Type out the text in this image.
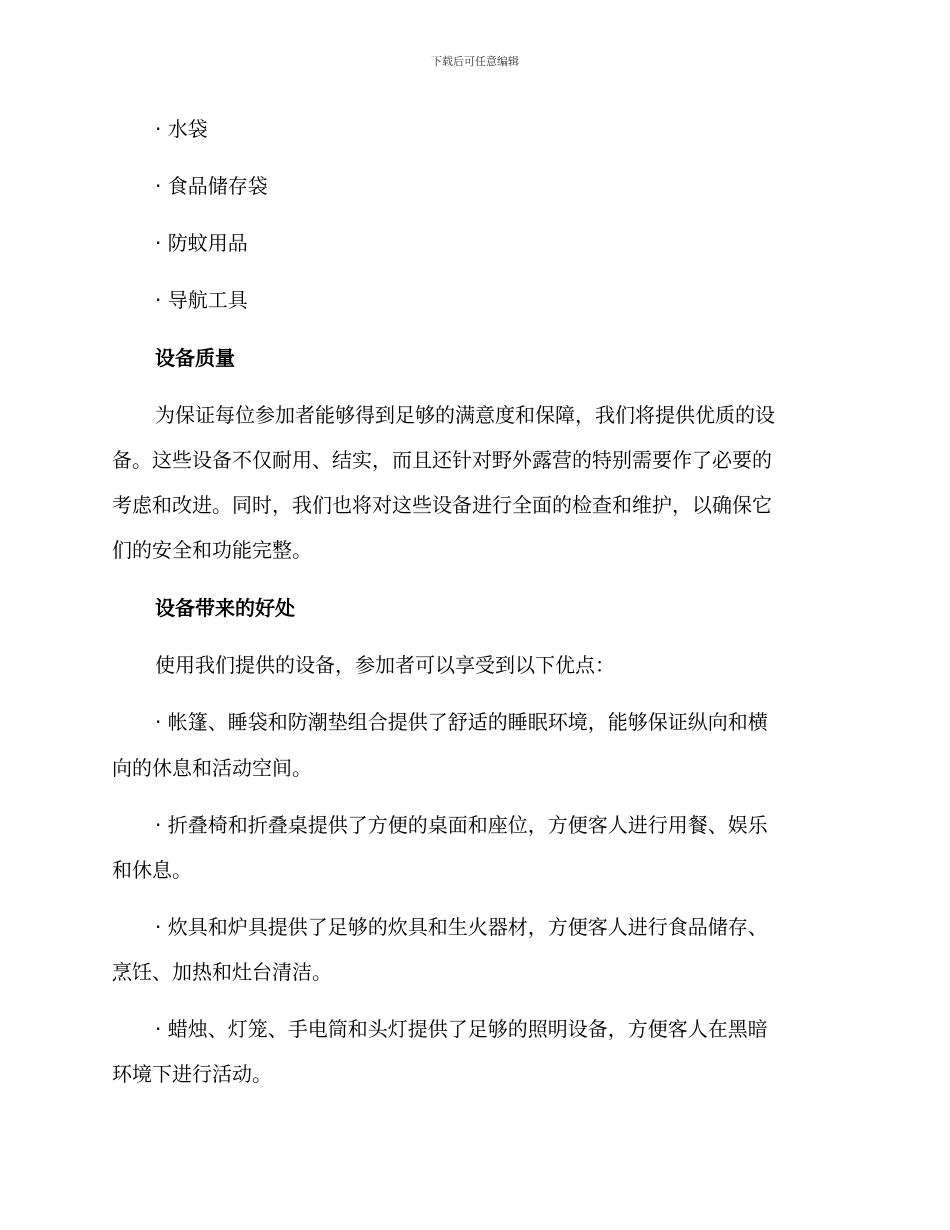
下载后可任意编辑
· 水袋
· 食品储存袋
· 防蚊用品
· 导航工具
设备质量
为保证每位参加者能够得到足够的满意度和保障，我们将提供优质的设
备。这些设备不仅耐用、结实，而且还针对野外露营的特别需要作了必要的
考虑和改进。同时，我们也将对这些设备进行全面的检查和维护，以确保它
们的安全和功能完整。
设备带来的好处
使用我们提供的设备，参加者可以享受到以下优点：
· 帐篷、睡袋和防潮垫组合提供了舒适的睡眠环境，能够保证纵向和横
向的休息和活动空间。
· 折叠椅和折叠桌提供了方便的桌面和座位，方便客人进行用餐、娱乐
和休息。
· 炊具和炉具提供了足够的炊具和生火器材，方便客人进行食品储存、
烹饪、加热和灶台清洁。
· 蜡烛、灯笼、手电筒和头灯提供了足够的照明设备，方便客人在黑暗
环境下进行活动。
